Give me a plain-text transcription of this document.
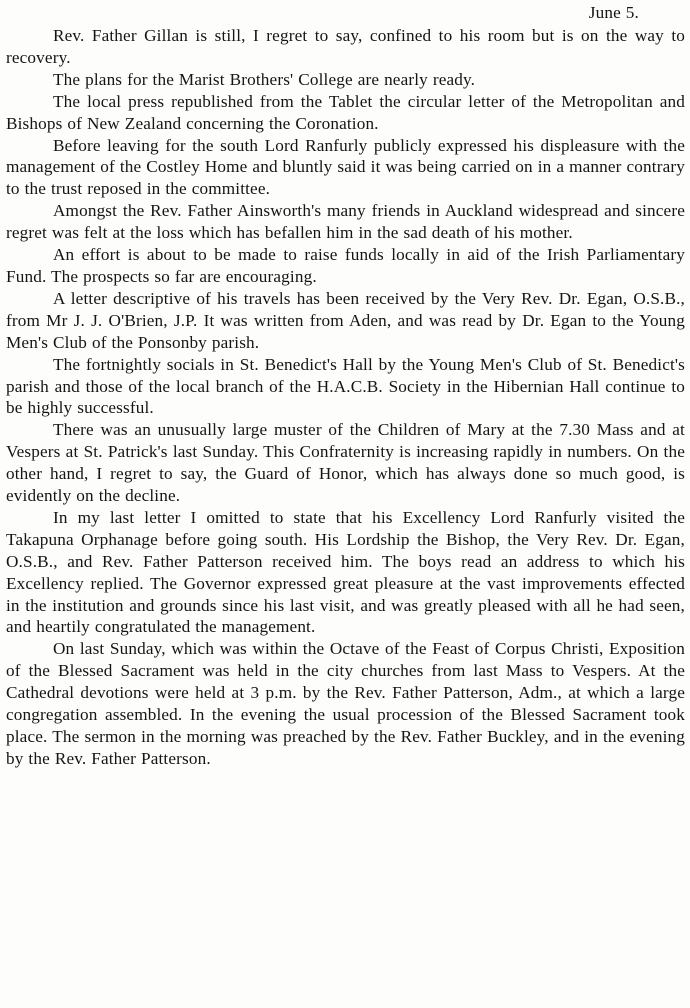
June 5.

Rev. Father Gillan is still, I regret to say, confined to his room but is on the way to recovery.

The plans for the Marist Brothers' College are nearly ready.

The local press republished from the Tablet the circular letter of the Metropolitan and Bishops of New Zealand concerning the Coronation.

Before leaving for the south Lord Ranfurly publicly expressed his displeasure with the management of the Costley Home and bluntly said it was being carried on in a manner contrary to the trust reposed in the committee.

Amongst the Rev. Father Ainsworth's many friends in Auckland widespread and sincere regret was felt at the loss which has befallen him in the sad death of his mother.

An effort is about to be made to raise funds locally in aid of the Irish Parliamentary Fund. The prospects so far are encouraging.

A letter descriptive of his travels has been received by the Very Rev. Dr. Egan, O.S.B., from Mr J. J. O'Brien, J.P. It was written from Aden, and was read by Dr. Egan to the Young Men's Club of the Ponsonby parish.

The fortnightly socials in St. Benedict's Hall by the Young Men's Club of St. Benedict's parish and those of the local branch of the H.A.C.B. Society in the Hibernian Hall continue to be highly successful.

There was an unusually large muster of the Children of Mary at the 7.30 Mass and at Vespers at St. Patrick's last Sunday. This Confraternity is increasing rapidly in numbers. On the other hand, I regret to say, the Guard of Honor, which has always done so much good, is evidently on the decline.

In my last letter I omitted to state that his Excellency Lord Ranfurly visited the Takapuna Orphanage before going south. His Lordship the Bishop, the Very Rev. Dr. Egan, O.S.B., and Rev. Father Patterson received him. The boys read an address to which his Excellency replied. The Governor expressed great pleasure at the vast improvements effected in the institution and grounds since his last visit, and was greatly pleased with all he had seen, and heartily congratulated the management.

On last Sunday, which was within the Octave of the Feast of Corpus Christi, Exposition of the Blessed Sacrament was held in the city churches from last Mass to Vespers. At the Cathedral devotions were held at 3 p.m. by the Rev. Father Patterson, Adm., at which a large congregation assembled. In the evening the usual procession of the Blessed Sacrament took place. The sermon in the morning was preached by the Rev. Father Buckley, and in the evening by the Rev. Father Patterson.
